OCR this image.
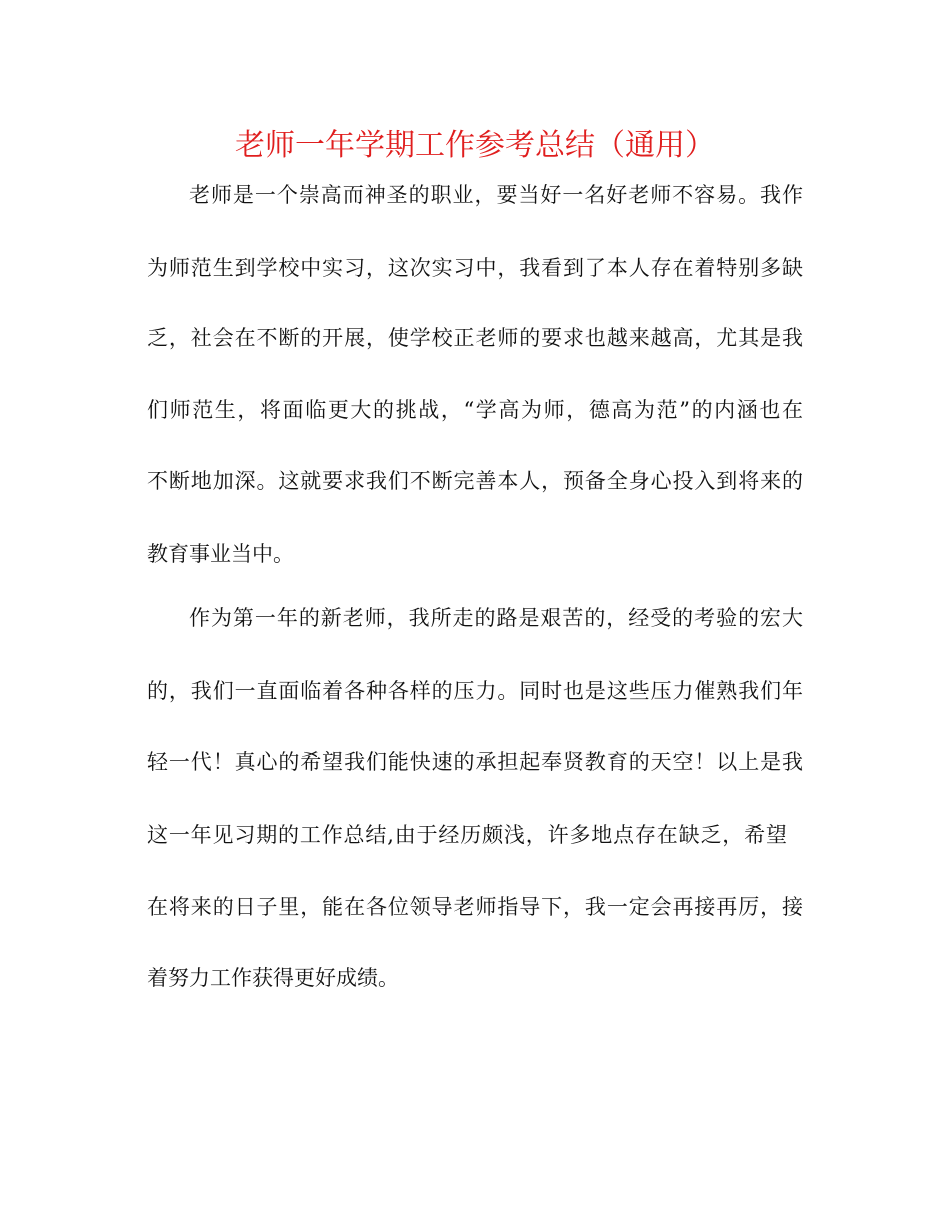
老师一年学期工作参考总结（通用）
老师是一个崇高而神圣的职业，要当好一名好老师不容易。我作
为师范生到学校中实习，这次实习中，我看到了本人存在着特别多缺
乏，社会在不断的开展，使学校正老师的要求也越来越高，尤其是我
们师范生，将面临更大的挑战，“学高为师，德高为范”的内涵也在
不断地加深。这就要求我们不断完善本人，预备全身心投入到将来的
教育事业当中。
作为第一年的新老师，我所走的路是艰苦的，经受的考验的宏大
的，我们一直面临着各种各样的压力。同时也是这些压力催熟我们年
轻一代！真心的希望我们能快速的承担起奉贤教育的天空！以上是我
这一年见习期的工作总结,由于经历颇浅，许多地点存在缺乏，希望
在将来的日子里，能在各位领导老师指导下，我一定会再接再厉，接
着努力工作获得更好成绩。
